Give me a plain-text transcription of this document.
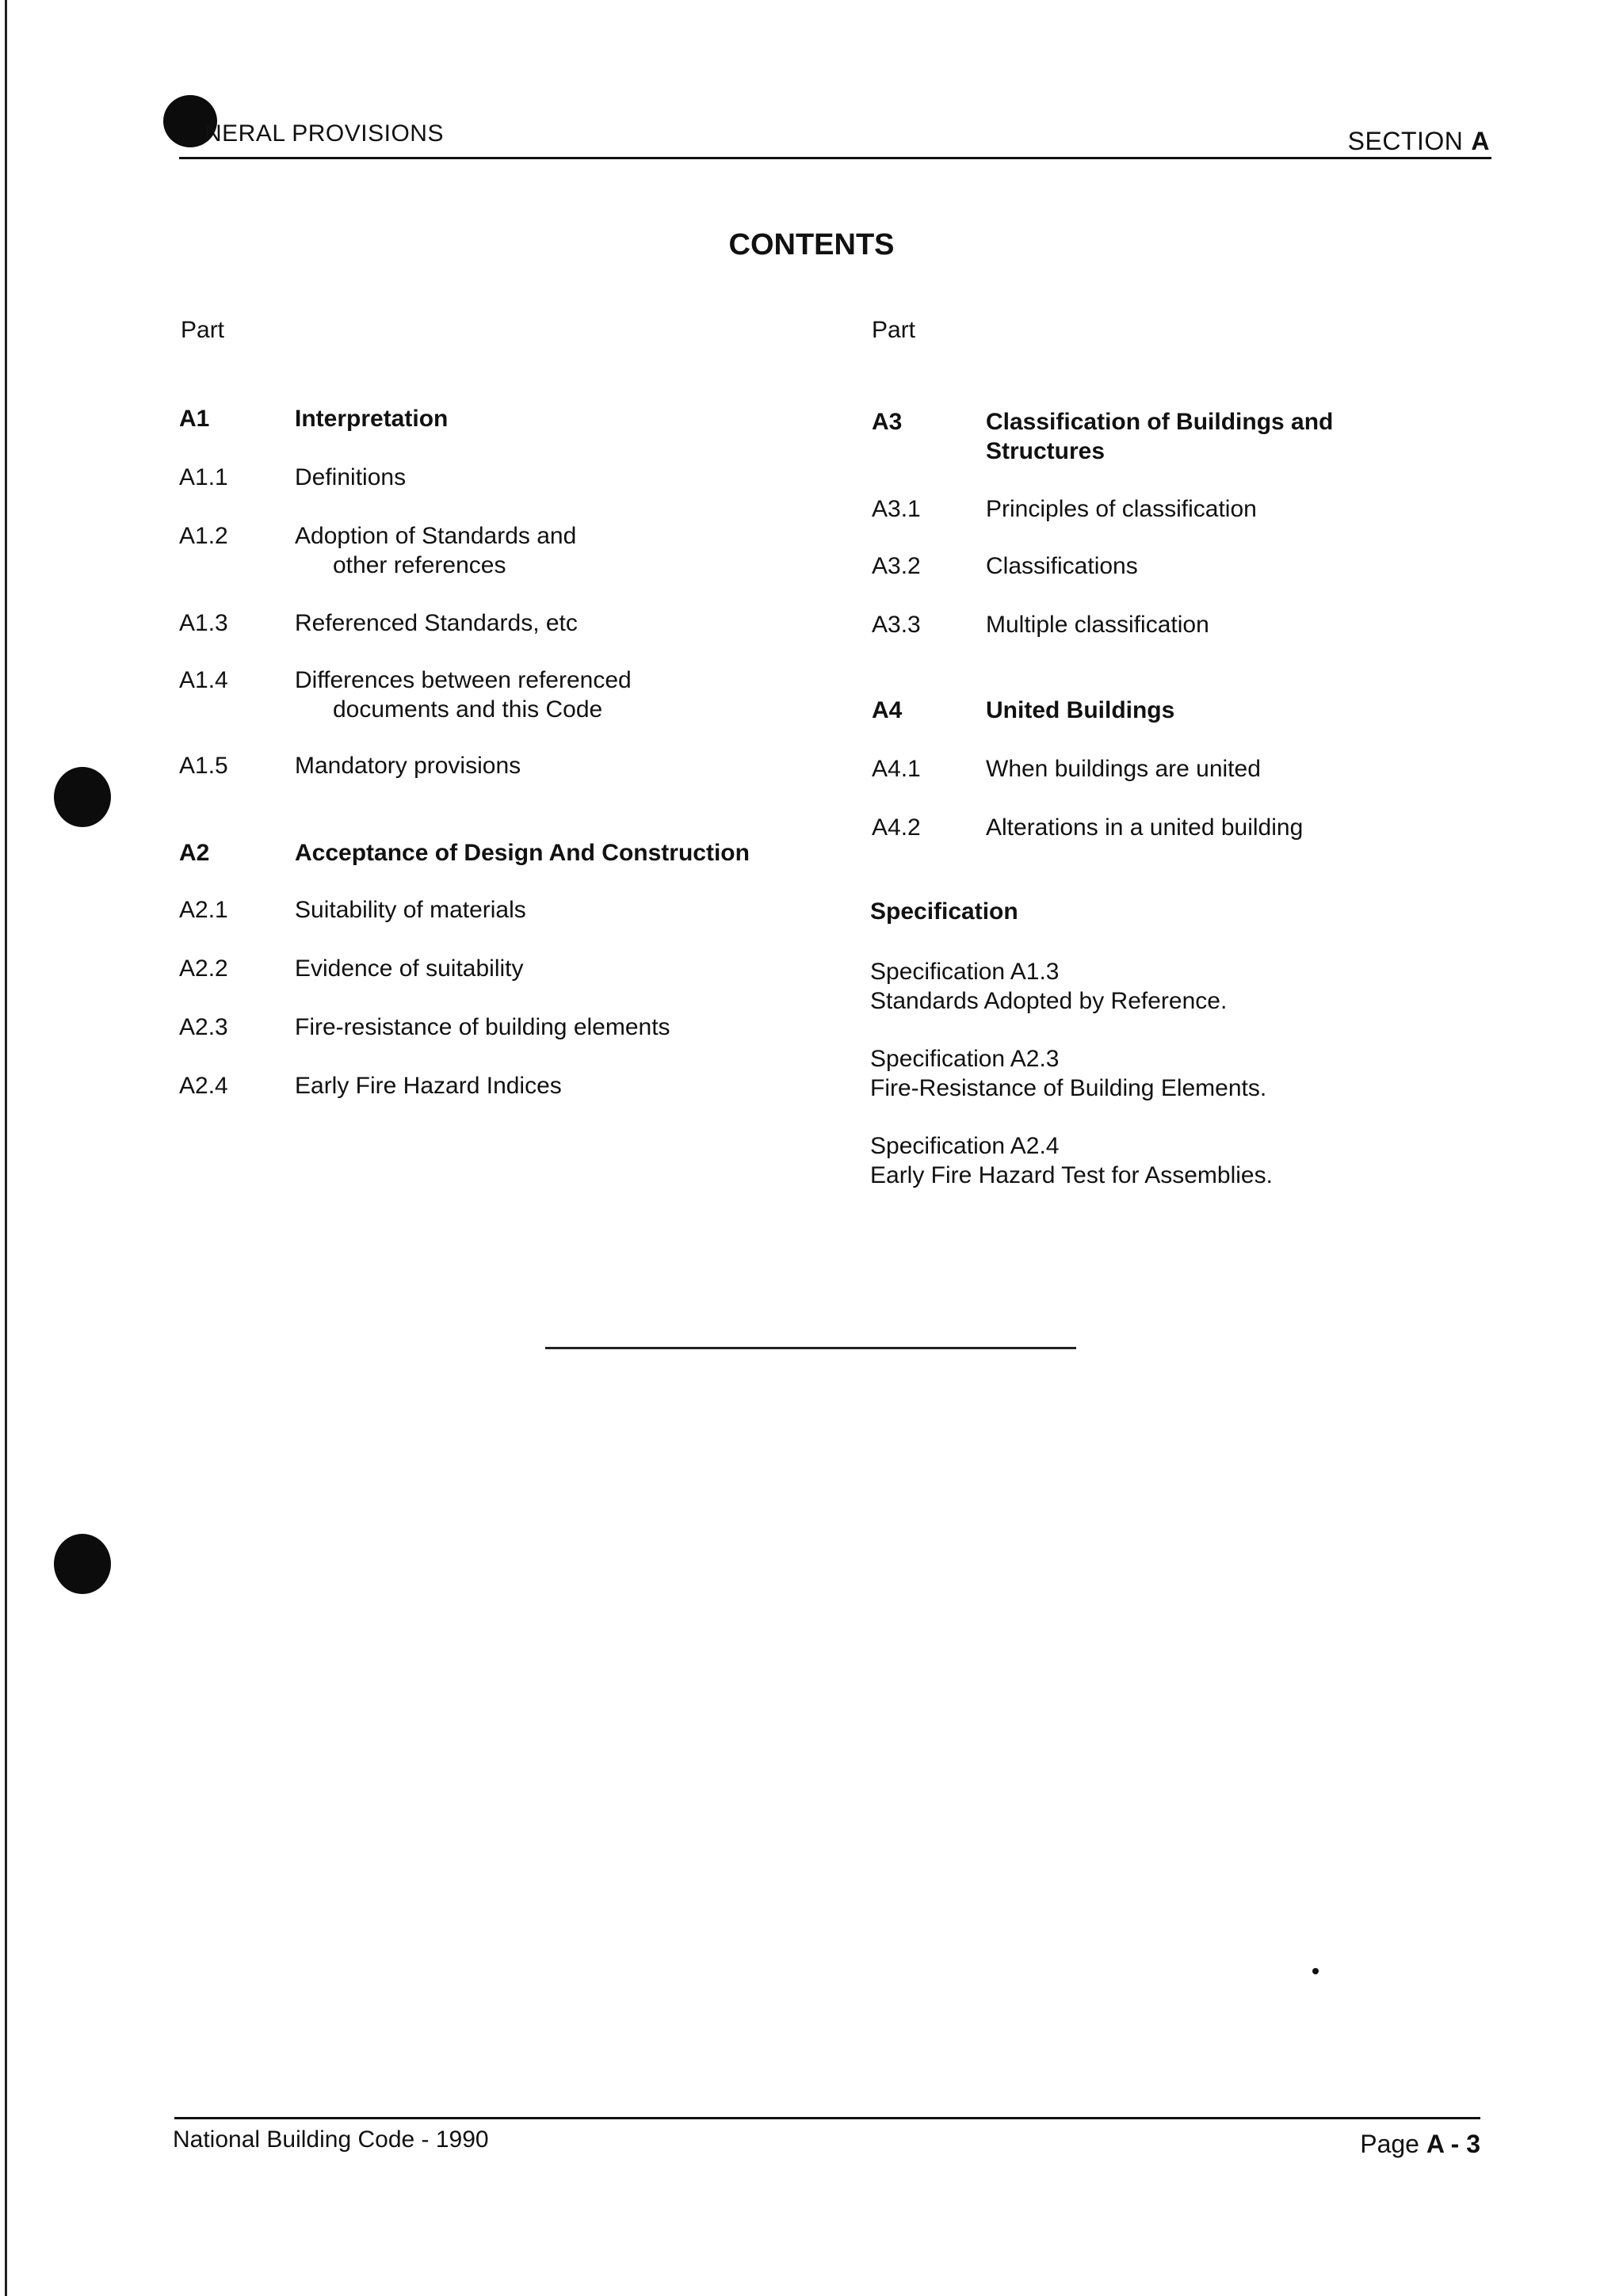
NERAL PROVISIONS	SECTION A
CONTENTS
Part	Part
A1	Interpretation
A1.1	Definitions
A1.2	Adoption of Standards and
other references
A1.3	Referenced Standards, etc
A1.4	Differences between referenced
documents and this Code
A1.5	Mandatory provisions
A2	Acceptance of Design And Construction
A2.1	Suitability of materials
A2.2	Evidence of suitability
A2.3	Fire-resistance of building elements
A2.4	Early Fire Hazard Indices
A3	Classification of Buildings and
Structures
A3.1	Principles of classification
A3.2	Classifications
A3.3	Multiple classification
A4	United Buildings
A4.1	When buildings are united
A4.2	Alterations in a united building
Specification
Specification A1.3
Standards Adopted by Reference.
Specification A2.3
Fire-Resistance of Building Elements.
Specification A2.4
Early Fire Hazard Test for Assemblies.
National Building Code - 1990	Page A - 3
